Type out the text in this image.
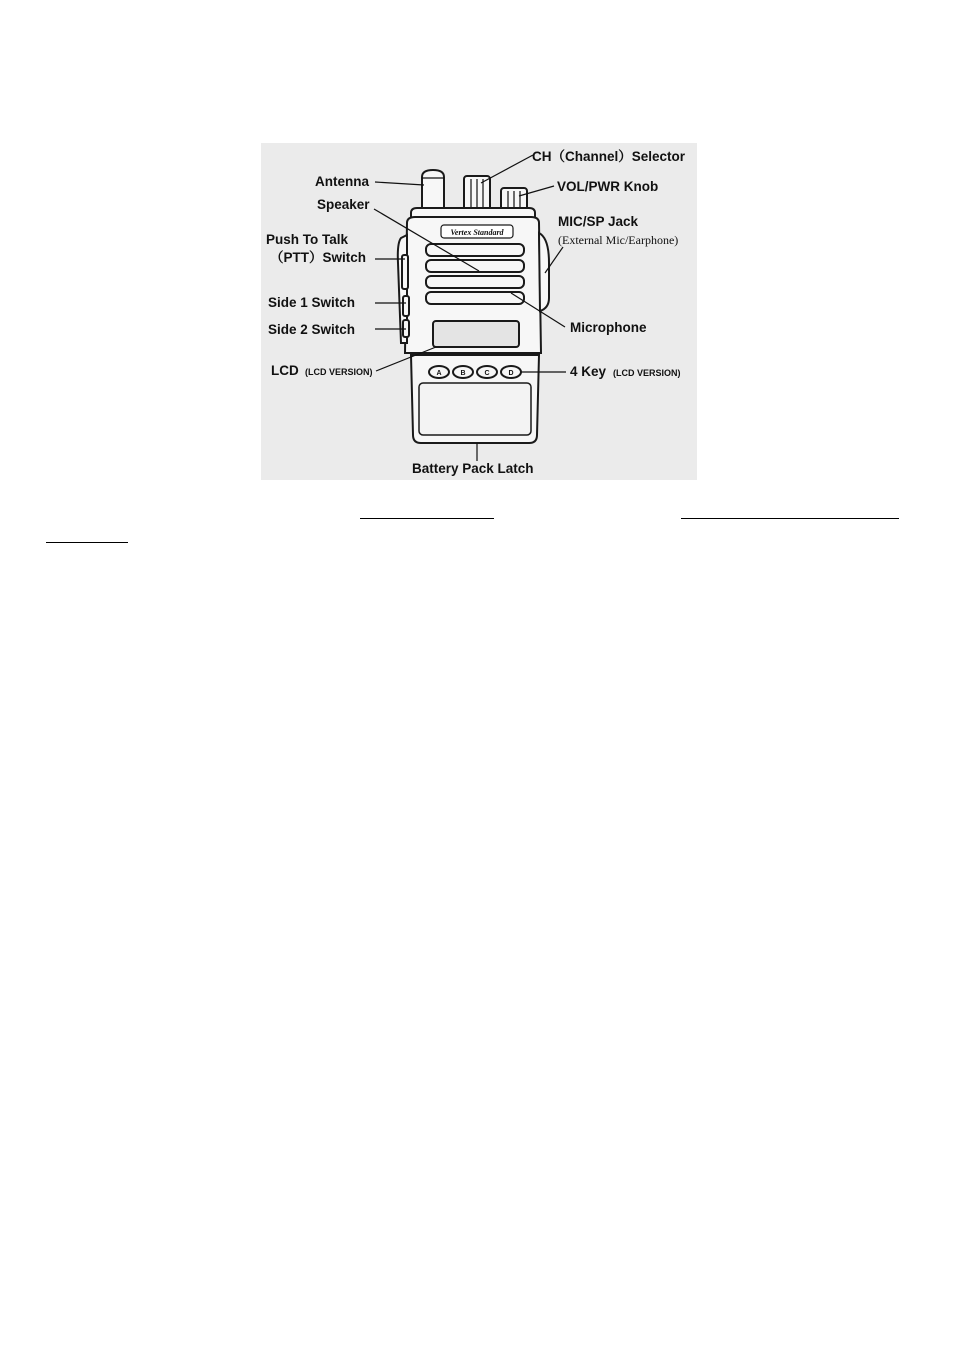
Vertex Standard
A	B	C	D
CH（Channel）Selector
Antenna	VOL/PWR Knob
Speaker
MIC/SP Jack
(External Mic/Earphone)
Push To Talk
（PTT）Switch
Side 1 Switch
Side 2 Switch	Microphone
LCD (LCD VERSION)	4 Key (LCD VERSION)
Battery Pack Latch
